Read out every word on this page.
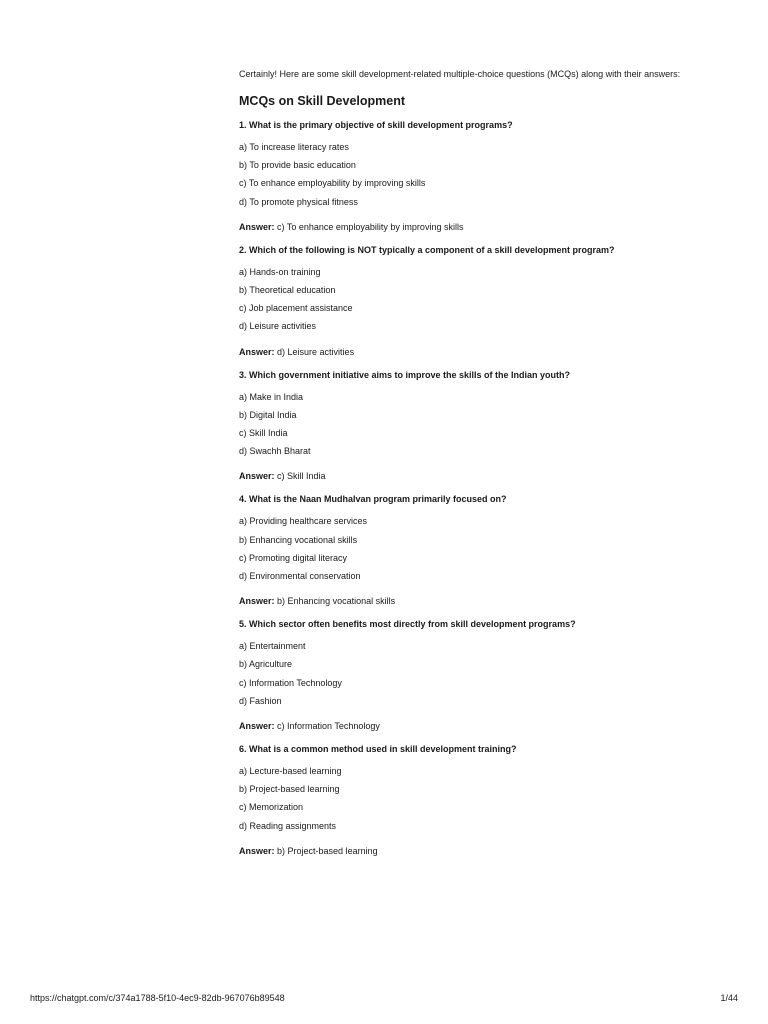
Certainly! Here are some skill development-related multiple-choice questions (MCQs) along with their answers:

MCQs on Skill Development

1. What is the primary objective of skill development programs?

a) To increase literacy rates
b) To provide basic education
c) To enhance employability by improving skills
d) To promote physical fitness

Answer: c) To enhance employability by improving skills

2. Which of the following is NOT typically a component of a skill development program?

a) Hands-on training
b) Theoretical education
c) Job placement assistance
d) Leisure activities

Answer: d) Leisure activities

3. Which government initiative aims to improve the skills of the Indian youth?

a) Make in India
b) Digital India
c) Skill India
d) Swachh Bharat

Answer: c) Skill India

4. What is the Naan Mudhalvan program primarily focused on?

a) Providing healthcare services
b) Enhancing vocational skills
c) Promoting digital literacy
d) Environmental conservation

Answer: b) Enhancing vocational skills

5. Which sector often benefits most directly from skill development programs?

a) Entertainment
b) Agriculture
c) Information Technology
d) Fashion

Answer: c) Information Technology

6. What is a common method used in skill development training?

a) Lecture-based learning
b) Project-based learning
c) Memorization
d) Reading assignments

Answer: b) Project-based learning

https://chatgpt.com/c/374a1788-5f10-4ec9-82db-967076b89548	1/44
